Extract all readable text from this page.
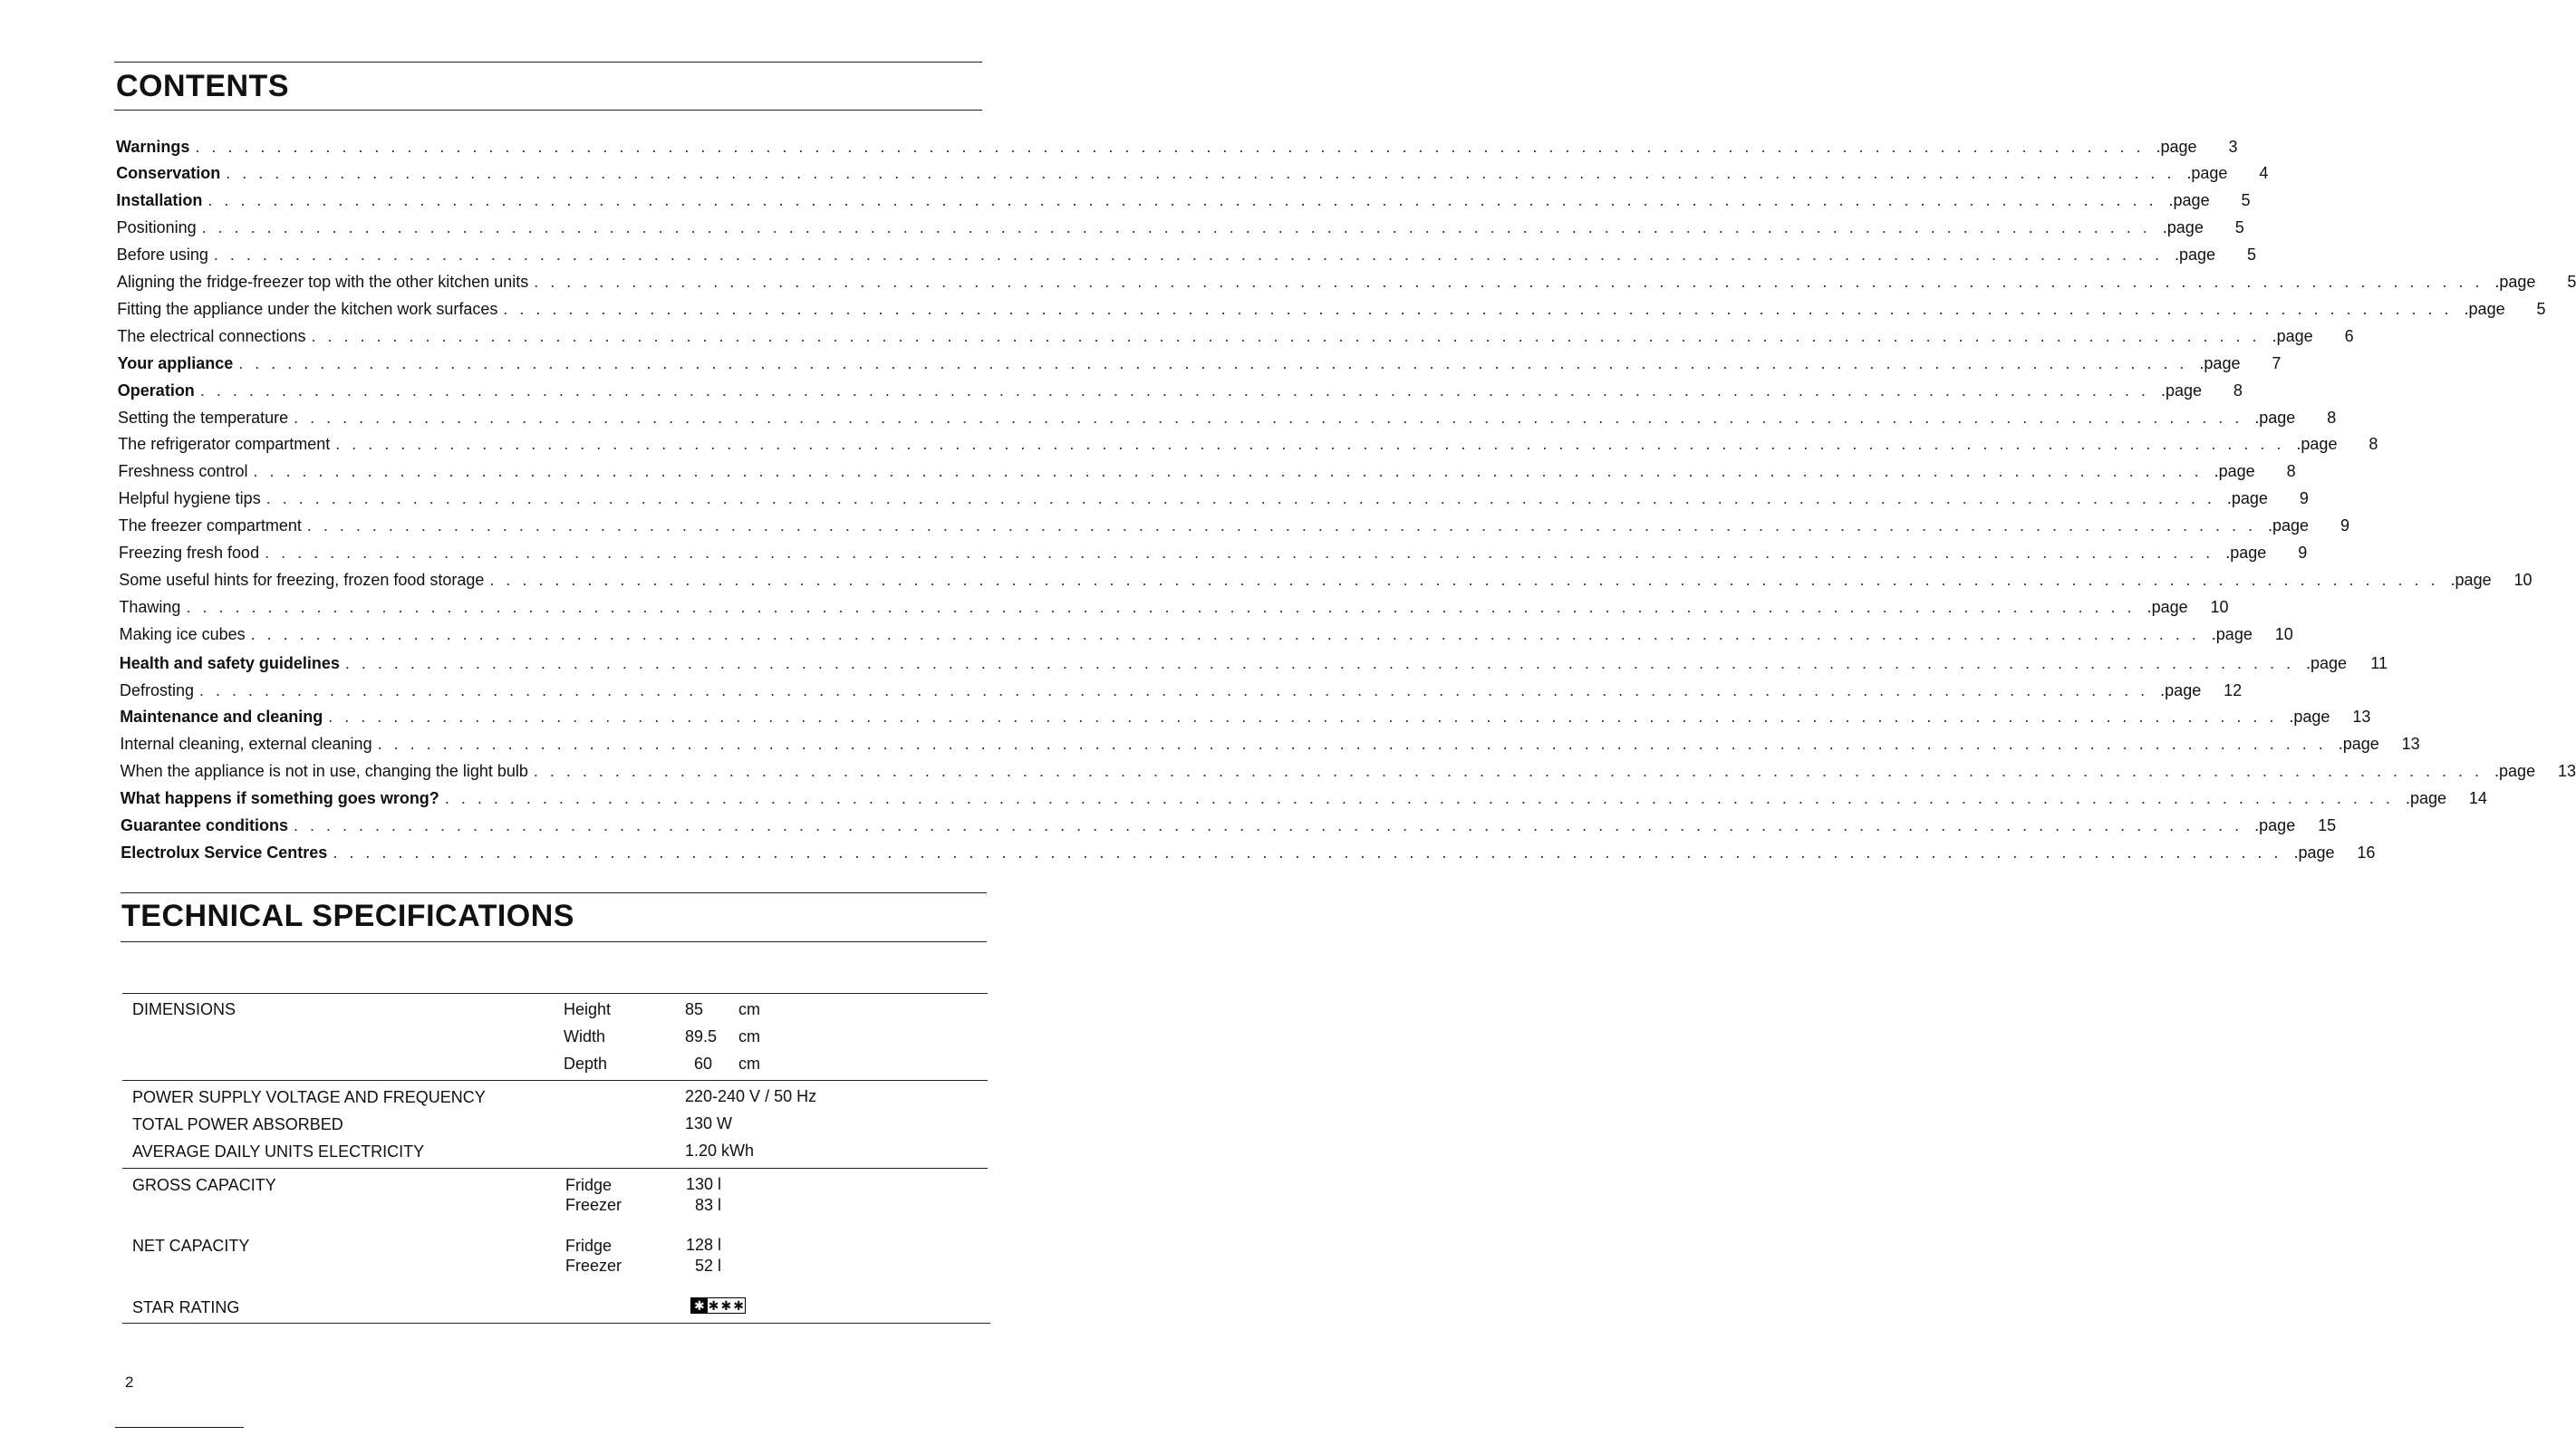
CONTENTS
Warnings ........................................................................................................................ .page	3
Conservation ........................................................................................................................ .page	4
Installation ........................................................................................................................ .page	5
Positioning ........................................................................................................................ .page	5
Before using ........................................................................................................................ .page	5
Aligning the fridge-freezer top with the other kitchen units ........................................................................................................................ .page	5
Fitting the appliance under the kitchen work surfaces ........................................................................................................................ .page	5
The electrical connections ........................................................................................................................ .page	6
Your appliance ........................................................................................................................ .page	7
Operation ........................................................................................................................ .page	8
Setting the temperature ........................................................................................................................ .page	8
The refrigerator compartment ........................................................................................................................ .page	8
Freshness control ........................................................................................................................ .page	8
Helpful hygiene tips ........................................................................................................................ .page	9
The freezer compartment ........................................................................................................................ .page	9
Freezing fresh food ........................................................................................................................ .page	9
Some useful hints for freezing, frozen food storage ........................................................................................................................ .page	10
Thawing ........................................................................................................................ .page	10
Making ice cubes ........................................................................................................................ .page	10
Health and safety guidelines ........................................................................................................................ .page	11
Defrosting ........................................................................................................................ .page	12
Maintenance and cleaning ........................................................................................................................ .page	13
Internal cleaning, external cleaning ........................................................................................................................ .page	13
When the appliance is not in use, changing the light bulb ........................................................................................................................ .page	13
What happens if something goes wrong? ........................................................................................................................ .page	14
Guarantee conditions ........................................................................................................................ .page	15
Electrolux Service Centres ........................................................................................................................ .page	16
TECHNICAL SPECIFICATIONS
DIMENSIONS	Height	85 cm
Width	89.5 cm
Depth	60 cm
POWER SUPPLY VOLTAGE AND FREQUENCY	220-240 V / 50 Hz
TOTAL POWER ABSORBED	130 W
AVERAGE DAILY UNITS ELECTRICITY	1.20 kWh
GROSS CAPACITY	Fridge	130 l
Freezer	83 l
NET CAPACITY	Fridge	128 l
Freezer	52 l
STAR RATING	✱ ✱ ✱ ✱
2
